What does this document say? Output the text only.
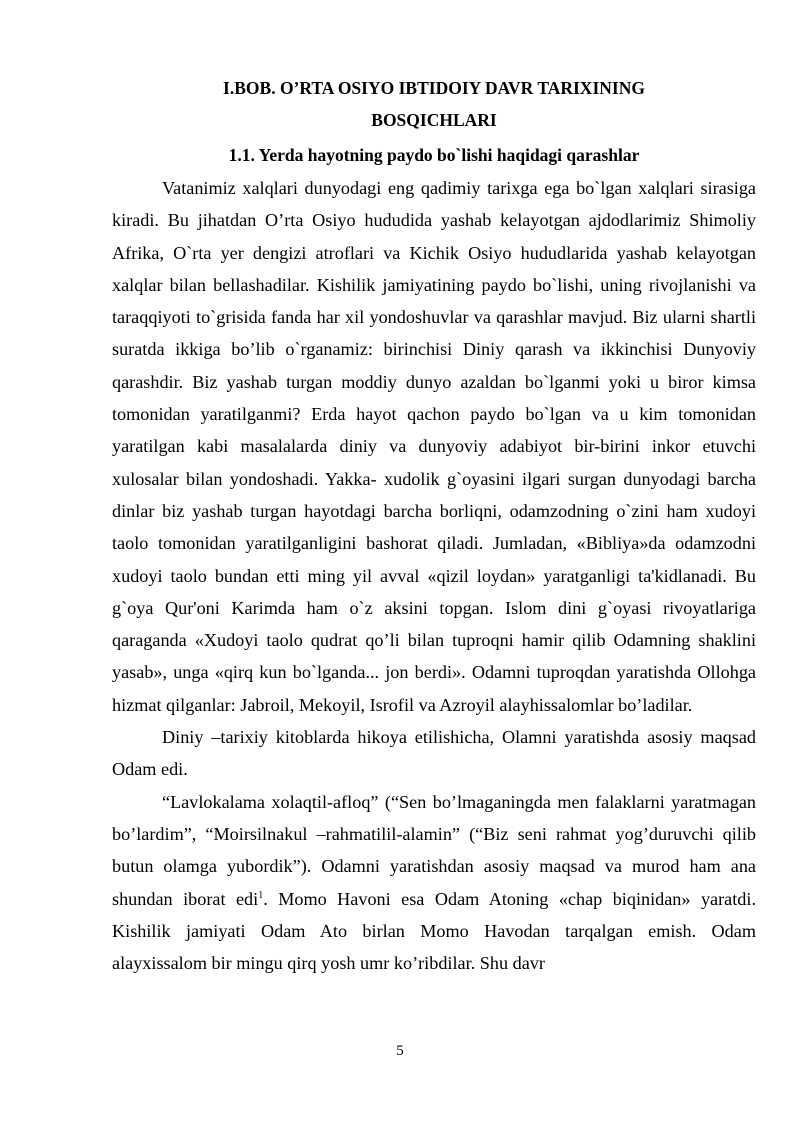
I.BOB. O’RTA OSIYO IBTIDOIY DAVR TARIXINING
BOSQICHLARI
1.1. Yerda hayotning paydo bo`lishi haqidagi qarashlar

Vatanimiz xalqlari dunyodagi eng qadimiy tarixga ega bo`lgan xalqlari sirasiga kiradi. Bu jihatdan O’rta Osiyo hududida yashab kelayotgan ajdodlarimiz Shimoliy Afrika, O`rta yer dengizi atroflari va Kichik Osiyo hududlarida yashab kelayotgan xalqlar bilan bellashadilar. Kishilik jamiyatining paydo bo`lishi, uning rivojlanishi va taraqqiyoti to`grisida fanda har xil yondoshuvlar va qarashlar mavjud. Biz ularni shartli suratda ikkiga bo’lib o`rganamiz: birinchisi Diniy qarash va ikkinchisi Dunyoviy qarashdir. Biz yashab turgan moddiy dunyo azaldan bo`lganmi yoki u biror kimsa tomonidan yaratilganmi? Erda hayot qachon paydo bo`lgan va u kim tomonidan yaratilgan kabi masalalarda diniy va dunyoviy adabiyot bir-birini inkor etuvchi xulosalar bilan yondoshadi. Yakka- xudolik g`oyasini ilgari surgan dunyodagi barcha dinlar biz yashab turgan hayotdagi barcha borliqni, odamzodning o`zini ham xudoyi taolo tomonidan yaratilganligini bashorat qiladi. Jumladan, «Bibliya»da odamzodni xudoyi taolo bundan etti ming yil avval «qizil loydan» yaratganligi ta'kidlanadi. Bu g`oya Qur'oni Karimda ham o`z aksini topgan. Islom dini g`oyasi rivoyatlariga qaraganda «Xudoyi taolo qudrat qo’li bilan tuproqni hamir qilib Odamning shaklini yasab», unga «qirq kun bo`lganda... jon berdi». Odamni tuproqdan yaratishda Ollohga hizmat qilganlar: Jabroil, Mekoyil, Isrofil va Azroyil alayhissalomlar bo’ladilar.

Diniy –tarixiy kitoblarda hikoya etilishicha, Olamni yaratishda asosiy maqsad Odam edi.

“Lavlokalama xolaqtil-afloq” (“Sen bo’lmaganingda men falaklarni yaratmagan bo’lardim”, “Moirsilnakul –rahmatilil-alamin” (“Biz seni rahmat yog’duruvchi qilib butun olamga yubordik”). Odamni yaratishdan asosiy maqsad va murod ham ana shundan iborat edi$^1$. Momo Havoni esa Odam Atoning «chap biqinidan» yaratdi. Kishilik jamiyati Odam Ato birlan Momo Havodan tarqalgan emish. Odam alayxissalom bir mingu qirq yosh umr ko’ribdilar. Shu davr

5
